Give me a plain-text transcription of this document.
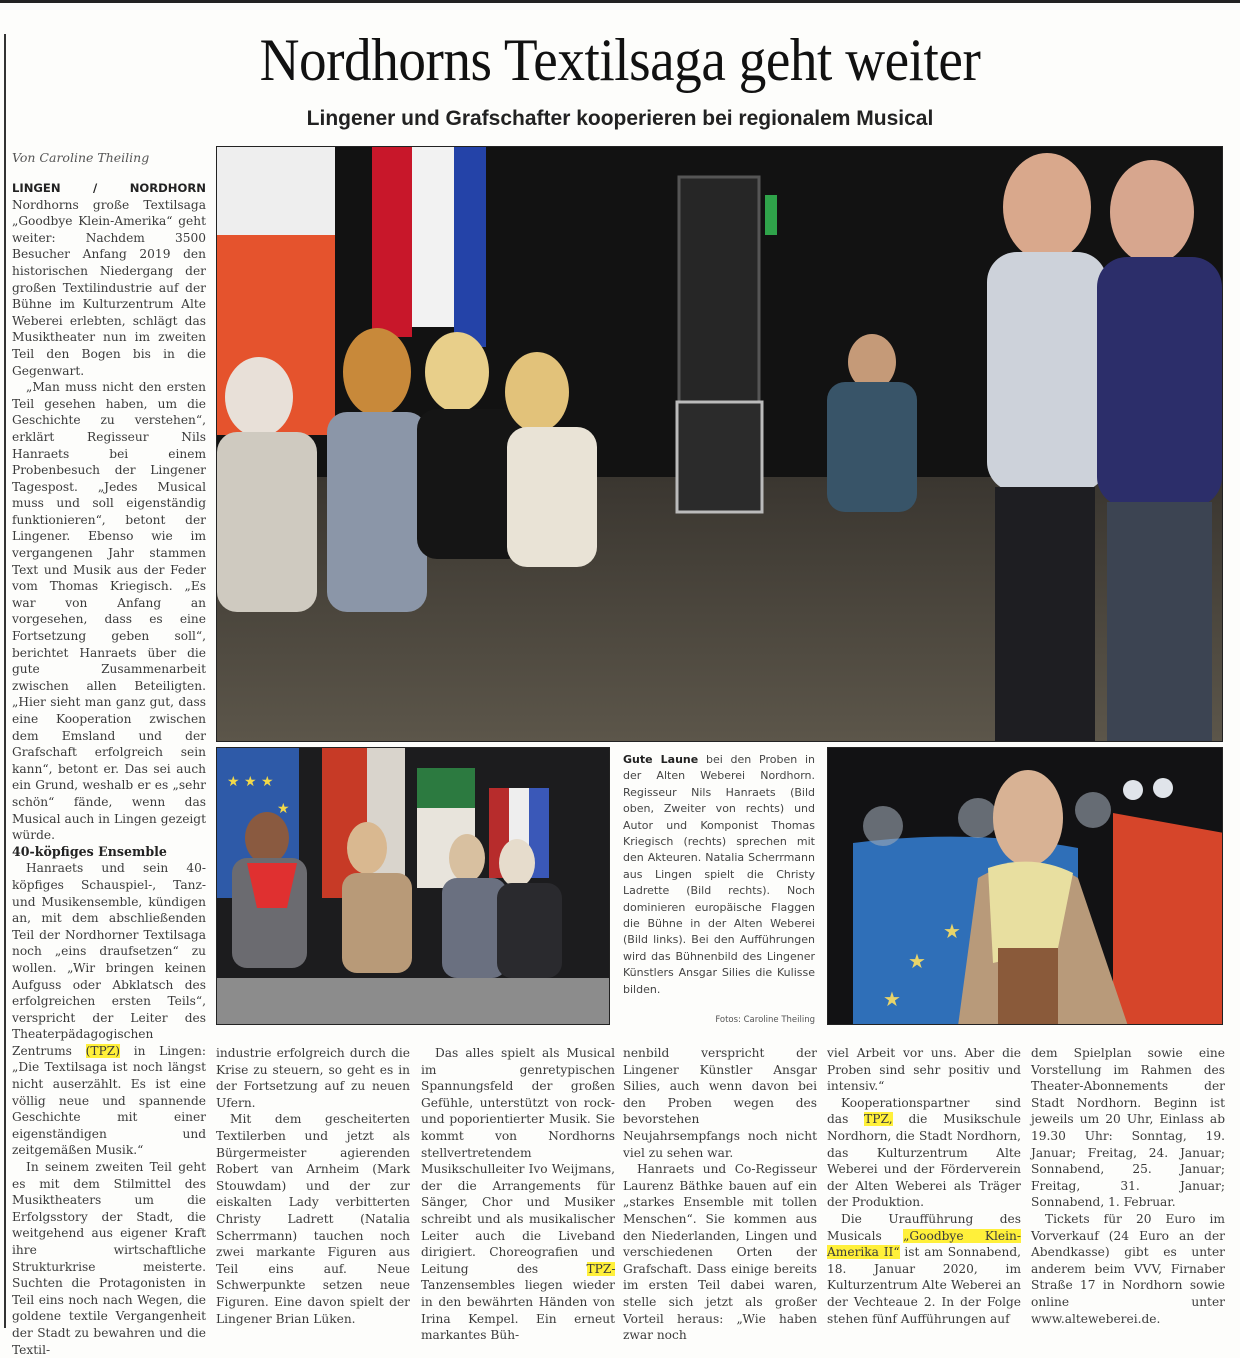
Nordhorns Textilsaga geht weiter
Lingener und Grafschafter kooperieren bei regionalem Musical
Von Caroline Theiling

LINGEN / NORDHORN Nordhorns große Textilsaga „Goodbye Klein-Amerika“ geht weiter: Nachdem 3500 Besucher Anfang 2019 den historischen Niedergang der großen Textilindustrie auf der Bühne im Kulturzentrum Alte Weberei erlebten, schlägt das Musiktheater nun im zweiten Teil den Bogen bis in die Gegenwart.

„Man muss nicht den ersten Teil gesehen haben, um die Geschichte zu verstehen“, erklärt Regisseur Nils Hanraets bei einem Probenbesuch der Lingener Tagespost. „Jedes Musical muss und soll eigenständig funktionieren“, betont der Lingener. Ebenso wie im vergangenen Jahr stammen Text und Musik aus der Feder vom Thomas Kriegisch. „Es war von Anfang an vorgesehen, dass es eine Fortsetzung geben soll“, berichtet Hanraets über die gute Zusammenarbeit zwischen allen Beteiligten. „Hier sieht man ganz gut, dass eine Kooperation zwischen dem Emsland und der Grafschaft erfolgreich sein kann“, betont er. Das sei auch ein Grund, weshalb er es „sehr schön“ fände, wenn das Musical auch in Lingen gezeigt würde.

40-köpfiges Ensemble

Hanraets und sein 40-köpfiges Schauspiel-, Tanz- und Musikensemble, kündigen an, mit dem abschließenden Teil der Nordhorner Textilsaga noch „eins draufsetzen“ zu wollen. „Wir bringen keinen Aufguss oder Abklatsch des erfolgreichen ersten Teils“, verspricht der Leiter des Theaterpädagogischen Zentrums (TPZ) in Lingen: „Die Textilsaga ist noch längst nicht auserzählt. Es ist eine völlig neue und spannende Geschichte mit einer eigenständigen und zeitgemäßen Musik.“

In seinem zweiten Teil geht es mit dem Stilmittel des Musiktheaters um die Erfolgsstory der Stadt, die weitgehend aus eigener Kraft ihre wirtschaftliche Strukturkrise meisterte. Suchten die Protagonisten in Teil eins noch nach Wegen, die goldene textile Vergangenheit der Stadt zu bewahren und die Textil-

★ ★ ★
★
Gute Laune bei den Proben in der Alten Weberei Nordhorn. Regisseur Nils Hanraets (Bild oben, Zweiter von rechts) und Autor und Komponist Thomas Kriegisch (rechts) sprechen mit den Akteuren. Natalia Scherrmann aus Lingen spielt die Christy Ladrette (Bild rechts). Noch dominieren europäische Flaggen die Bühne in der Alten Weberei (Bild links). Bei den Aufführungen wird das Bühnenbild des Lingener Künstlers Ansgar Silies die Kulisse bilden.
Fotos: Caroline Theiling
★
★
★

industrie erfolgreich durch die Krise zu steuern, so geht es in der Fortsetzung auf zu neuen Ufern.

Mit dem gescheiterten Textilerben und jetzt als Bürgermeister agierenden Robert van Arnheim (Mark Stouwdam) und der zur eiskalten Lady verbitterten Christy Ladrett (Natalia Scherrmann) tauchen noch zwei markante Figuren aus Teil eins auf. Neue Schwerpunkte setzen neue Figuren. Eine davon spielt der Lingener Brian Lüken.

Das alles spielt als Musical im genretypischen Spannungsfeld der großen Gefühle, unterstützt von rock- und poporientierter Musik. Sie kommt von Nordhorns stellvertretendem Musikschulleiter Ivo Weijmans, der die Arrangements für Sänger, Chor und Musiker schreibt und als musikalischer Leiter auch die Liveband dirigiert. Choreografien und Leitung des TPZ-Tanzensembles liegen wieder in den bewährten Händen von Irina Kempel. Ein erneut markantes Büh-

nenbild verspricht der Lingener Künstler Ansgar Silies, auch wenn davon bei den Proben wegen des bevorstehen Neujahrsempfangs noch nicht viel zu sehen war.

Hanraets und Co-Regisseur Laurenz Bäthke bauen auf ein „starkes Ensemble mit tollen Menschen“. Sie kommen aus den Niederlanden, Lingen und verschiedenen Orten der Grafschaft. Dass einige bereits im ersten Teil dabei waren, stelle sich jetzt als großer Vorteil heraus: „Wie haben zwar noch

viel Arbeit vor uns. Aber die Proben sind sehr positiv und intensiv.“

Kooperationspartner sind das TPZ, die Musikschule Nordhorn, die Stadt Nordhorn, das Kulturzentrum Alte Weberei und der Förderverein der Alten Weberei als Träger der Produktion.

Die Uraufführung des Musicals „Goodbye Klein-Amerika II“ ist am Sonnabend, 18. Januar 2020, im Kulturzentrum Alte Weberei an der Vechteaue 2. In der Folge stehen fünf Aufführungen auf

dem Spielplan sowie eine Vorstellung im Rahmen des Theater-Abonnements der Stadt Nordhorn. Beginn ist jeweils um 20 Uhr, Einlass ab 19.30 Uhr: Sonntag, 19. Januar; Freitag, 24. Januar; Sonnabend, 25. Januar; Freitag, 31. Januar; Sonnabend, 1. Februar.

Tickets für 20 Euro im Vorverkauf (24 Euro an der Abendkasse) gibt es unter anderem beim VVV, Firnaber Straße 17 in Nordhorn sowie online unter www.alteweberei.de.
